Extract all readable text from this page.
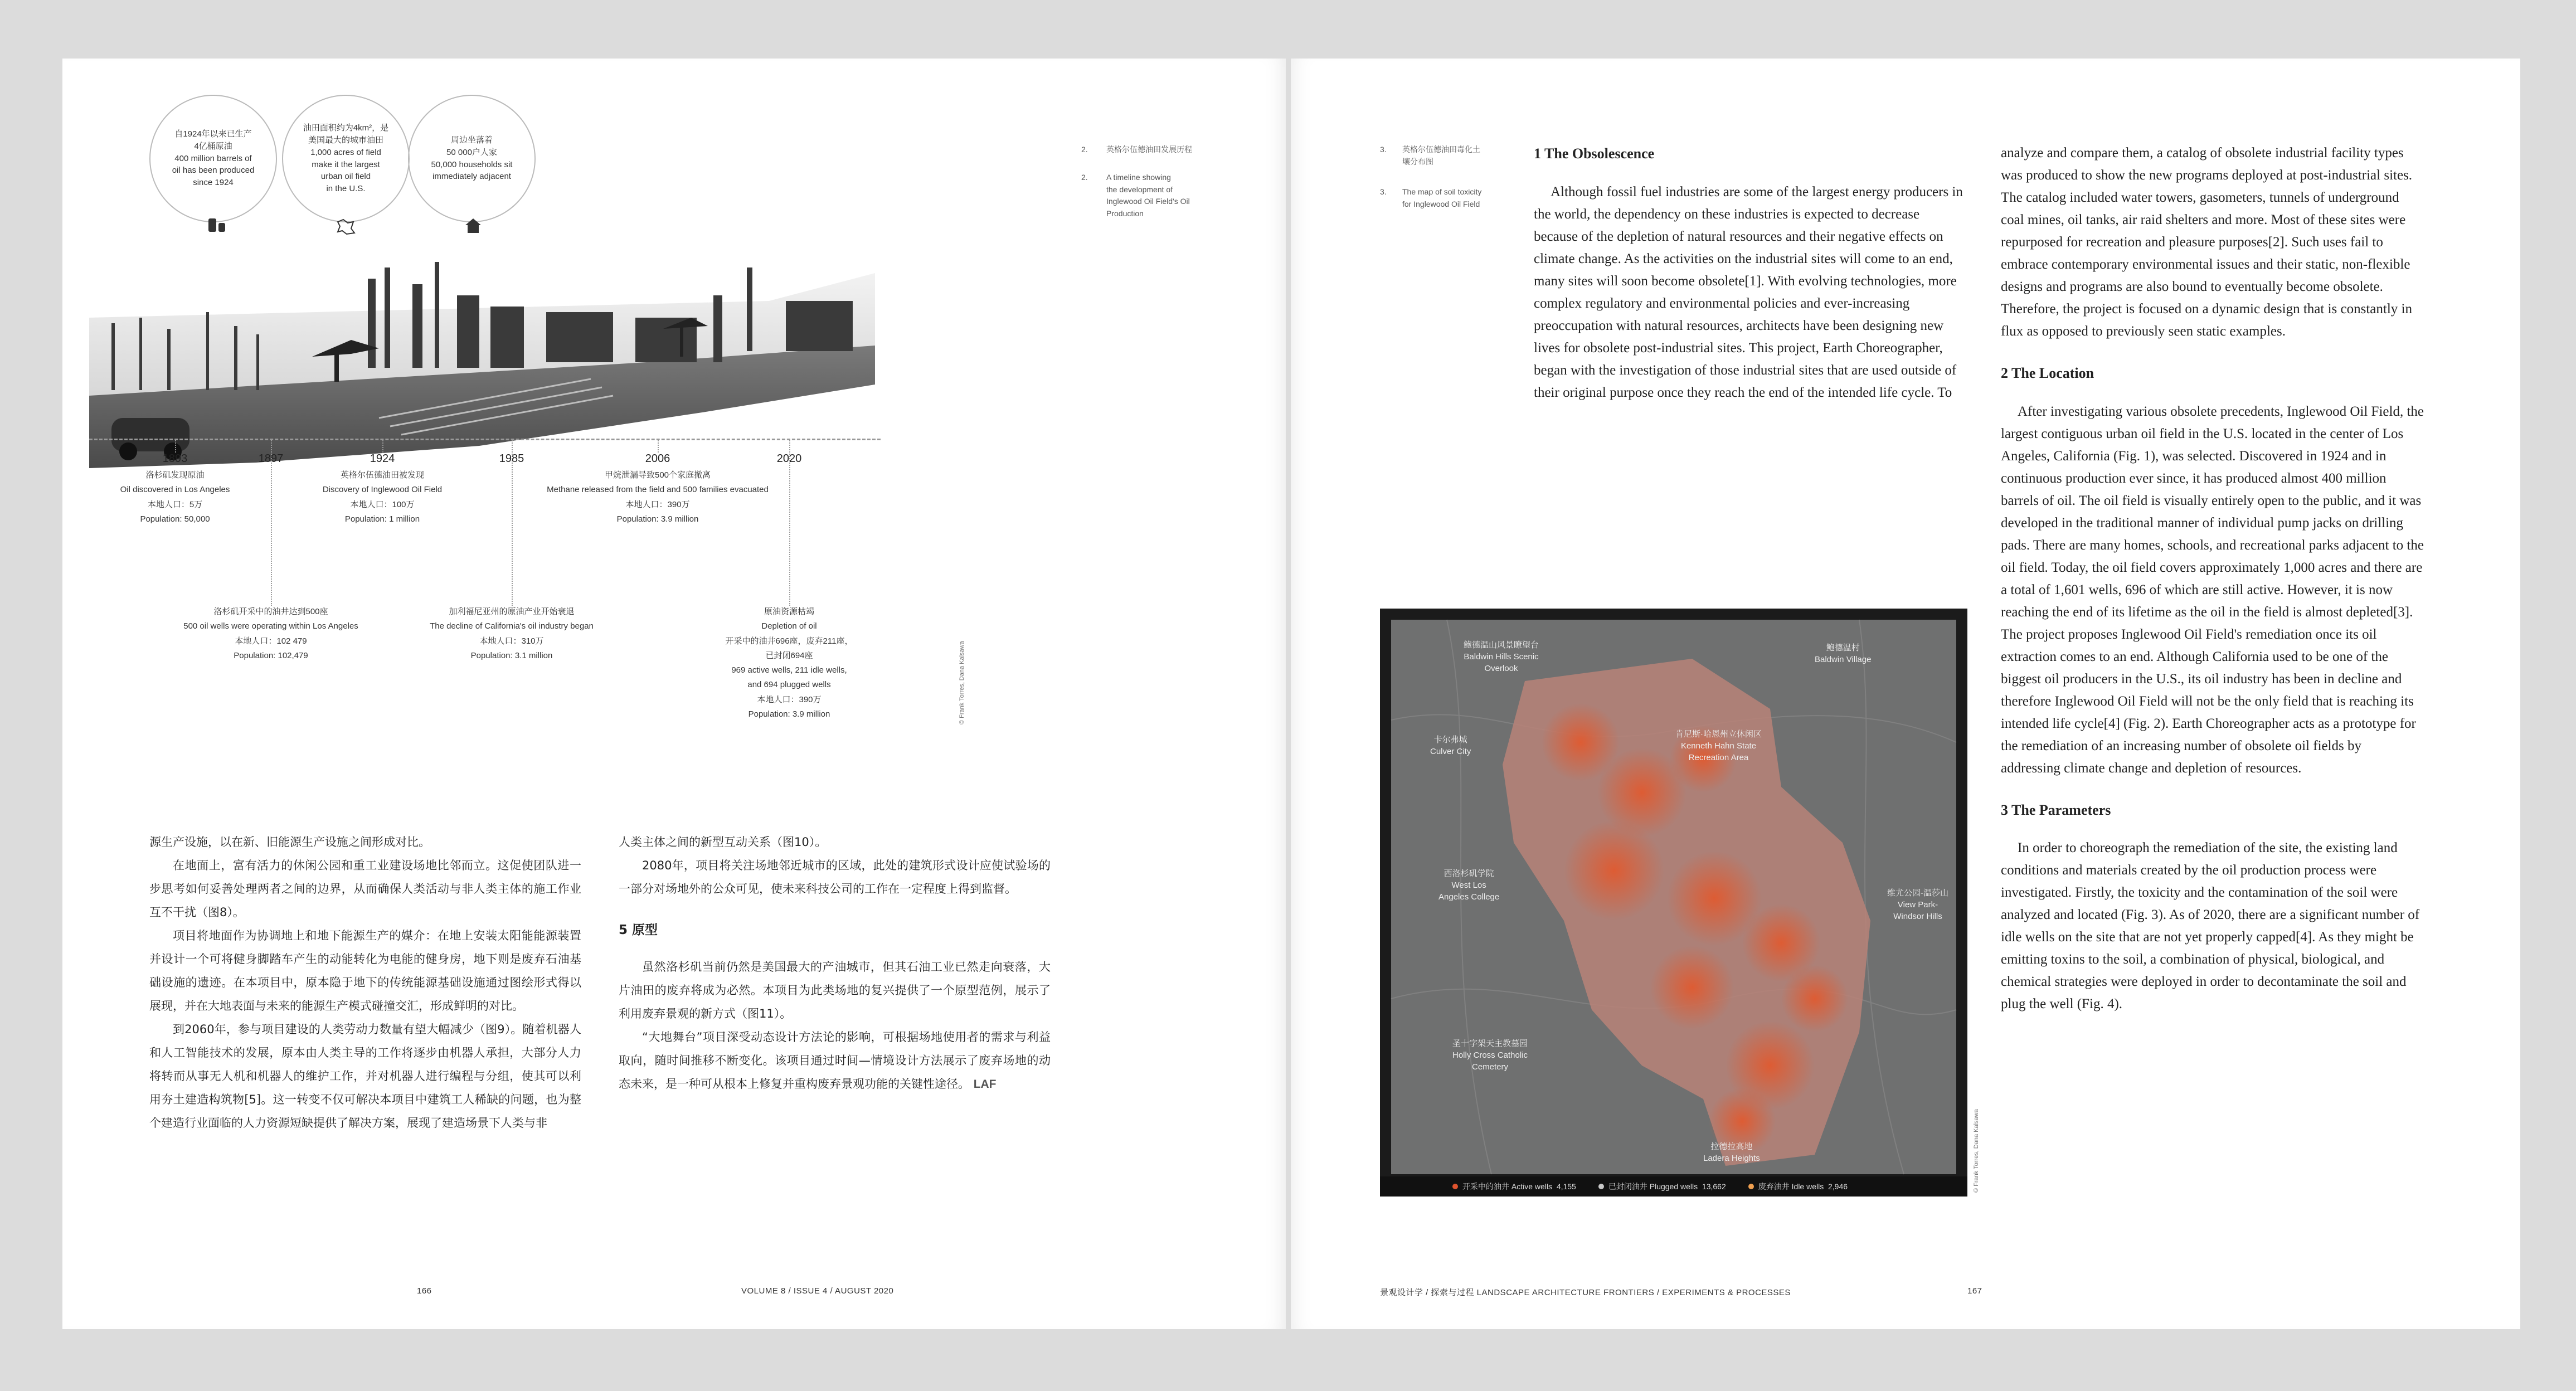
自1924年以来已生产
4亿桶原油
400 million barrels of
oil has been produced
since 1924
油田面积约为4km²，是
美国最大的城市油田
1,000 acres of field
make it the largest
urban oil field
in the U.S.
周边坐落着
50 000户人家
50,000 households sit
immediately adjacent
1893	1897	1924	1985	2006	2020
洛杉矶发现原油
Oil discovered in Los Angeles
本地人口：5万
Population: 50,000
英格尔伍德油田被发现
Discovery of Inglewood Oil Field
本地人口：100万
Population: 1 million
甲烷泄漏导致500个家庭撤离
Methane released from the field and 500 families evacuated
本地人口：390万
Population: 3.9 million
洛杉矶开采中的油井达到500座
500 oil wells were operating within Los Angeles
本地人口：102 479
Population: 102,479
加利福尼亚州的原油产业开始衰退
The decline of California's oil industry began
本地人口：310万
Population: 3.1 million
原油资源枯竭
Depletion of oil
开采中的油井696座，废弃211座，
已封闭694座
969 active wells, 211 idle wells,
and 694 plugged wells
本地人口：390万
Population: 3.9 million	© Frank Torres, Dana Kalsawa
2.	英格尔伍德油田发展历程
2.	A timeline showing
the development of
Inglewood Oil Field's Oil
Production

源生产设施，以在新、旧能源生产设施之间形成对比。

在地面上，富有活力的休闲公园和重工业建设场地比邻而立。这促使团队进一步思考如何妥善处理两者之间的边界，从而确保人类活动与非人类主体的施工作业互不干扰（图8）。

项目将地面作为协调地上和地下能源生产的媒介：在地上安装太阳能能源装置并设计一个可将健身脚踏车产生的动能转化为电能的健身房，地下则是废弃石油基础设施的遗迹。在本项目中，原本隐于地下的传统能源基础设施通过图绘形式得以展现，并在大地表面与未来的能源生产模式碰撞交汇，形成鲜明的对比。

到2060年，参与项目建设的人类劳动力数量有望大幅减少（图9）。随着机器人和人工智能技术的发展，原本由人类主导的工作将逐步由机器人承担，大部分人力将转而从事无人机和机器人的维护工作，并对机器人进行编程与分组，使其可以利用夯土建造构筑物[5]。这一转变不仅可解决本项目中建筑工人稀缺的问题，也为整个建造行业面临的人力资源短缺提供了解决方案，展现了建造场景下人类与非

人类主体之间的新型互动关系（图10）。

2080年，项目将关注场地邻近城市的区域，此处的建筑形式设计应使试验场的一部分对场地外的公众可见，使未来科技公司的工作在一定程度上得到监督。

5 原型

虽然洛杉矶当前仍然是美国最大的产油城市，但其石油工业已然走向衰落，大片油田的废弃将成为必然。本项目为此类场地的复兴提供了一个原型范例，展示了利用废弃景观的新方式（图11）。

“大地舞台”项目深受动态设计方法论的影响，可根据场地使用者的需求与利益取向，随时间推移不断变化。该项目通过时间—情境设计方法展示了废弃场地的动态未来，是一种可从根本上修复并重构废弃景观功能的关键性途径。 LAF

166	VOLUME 8 / ISSUE 4 / AUGUST 2020
3.	英格尔伍德油田毒化土
壤分布图
3.	The map of soil toxicity
for Inglewood Oil Field
1 The Obsolescence

Although fossil fuel industries are some of the largest energy producers in the world, the dependency on these industries is expected to decrease because of the depletion of natural resources and their negative effects on climate change. As the activities on the industrial sites will come to an end, many sites will soon become obsolete[1]. With evolving technologies, more complex regulatory and environmental policies and ever-increasing preoccupation with natural resources, architects have been designing new lives for obsolete post-industrial sites. This project, Earth Choreographer, began with the investigation of those industrial sites that are used outside of their original purpose once they reach the end of the intended life cycle. To

analyze and compare them, a catalog of obsolete industrial facility types was produced to show the new programs deployed at post-industrial sites. The catalog included water towers, gasometers, tunnels of underground coal mines, oil tanks, air raid shelters and more. Most of these sites were repurposed for recreation and pleasure purposes[2]. Such uses fail to embrace contemporary environmental issues and their static, non-flexible designs and programs are also bound to eventually become obsolete. Therefore, the project is focused on a dynamic design that is constantly in flux as opposed to previously seen static examples.

2 The Location

After investigating various obsolete precedents, Inglewood Oil Field, the largest contiguous urban oil field in the U.S. located in the center of Los Angeles, California (Fig. 1), was selected. Discovered in 1924 and in continuous production ever since, it has produced almost 400 million barrels of oil. The oil field is visually entirely open to the public, and it was developed in the traditional manner of individual pump jacks on drilling pads. There are many homes, schools, and recreational parks adjacent to the oil field. Today, the oil field covers approximately 1,000 acres and there are a total of 1,601 wells, 696 of which are still active. However, it is now reaching the end of its lifetime as the oil in the field is almost depleted[3]. The project proposes Inglewood Oil Field's remediation once its oil extraction comes to an end. Although California used to be one of the biggest oil producers in the U.S., its oil industry has been in decline and therefore Inglewood Oil Field will not be the only field that is reaching its intended life cycle[4] (Fig. 2). Earth Choreographer acts as a prototype for the remediation of an increasing number of obsolete oil fields by addressing climate change and depletion of resources.

3 The Parameters

In order to choreograph the remediation of the site, the existing land conditions and materials created by the oil production process were investigated. Firstly, the toxicity and the contamination of the soil were analyzed and located (Fig. 3). As of 2020, there are a significant number of idle wells on the site that are not yet properly capped[4]. As they might be emitting toxins to the soil, a combination of physical, biological, and chemical strategies were deployed in order to decontaminate the soil and plug the well (Fig. 4).

鲍德温山风景瞭望台
Baldwin Hills Scenic
Overlook
鲍德温村
Baldwin Village
卡尔弗城
Culver City
肯尼斯·哈恩州立休闲区
Kenneth Hahn State
Recreation Area
西洛杉矶学院
West Los
Angeles College	维尤公园-温莎山
View Park-
Windsor Hills
圣十字架天主教墓园
Holly Cross Catholic
Cemetery
拉德拉高地
Ladera Heights
开采中的油井 Active wells 4,155	已封闭油井 Plugged wells 13,662	废弃油井 Idle wells 2,946	© Frank Torres, Dana Kalsawa
景观设计学 / 探索与过程 LANDSCAPE ARCHITECTURE FRONTIERS / EXPERIMENTS & PROCESSES	167
